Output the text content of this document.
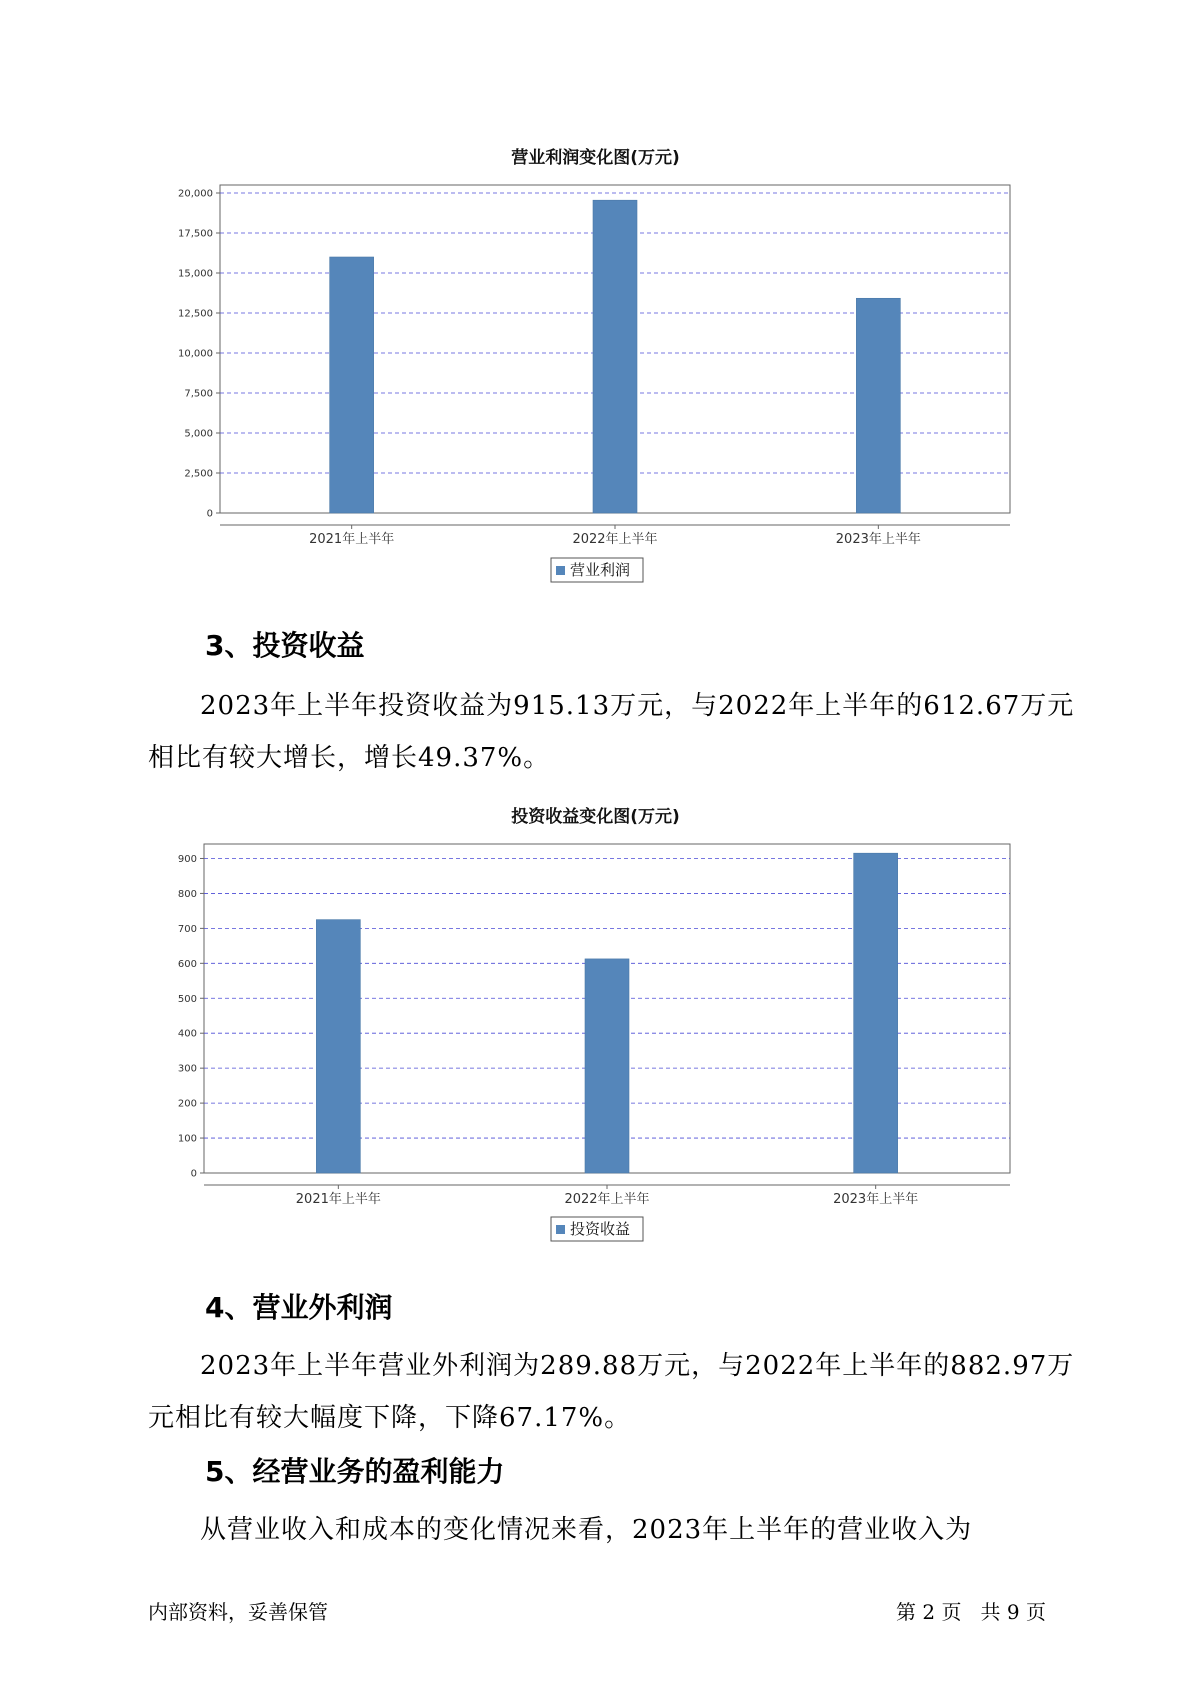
营业利润变化图(万元)
0
2,500
5,000
7,500
10,000
12,500
15,000
17,500
20,000
2021年上半年	2022年上半年	2023年上半年
营业利润
3、投资收益
2023年上半年投资收益为915.13万元，与2022年上半年的612.67万元
相比有较大增长，增长49.37%。
投资收益变化图(万元)
0
100
200
300
400
500
600
700
800
900
2021年上半年	2022年上半年	2023年上半年
投资收益
4、营业外利润
2023年上半年营业外利润为289.88万元，与2022年上半年的882.97万
元相比有较大幅度下降，下降67.17%。
5、经营业务的盈利能力
从营业收入和成本的变化情况来看，2023年上半年的营业收入为
内部资料，妥善保管	第 2 页   共 9 页
